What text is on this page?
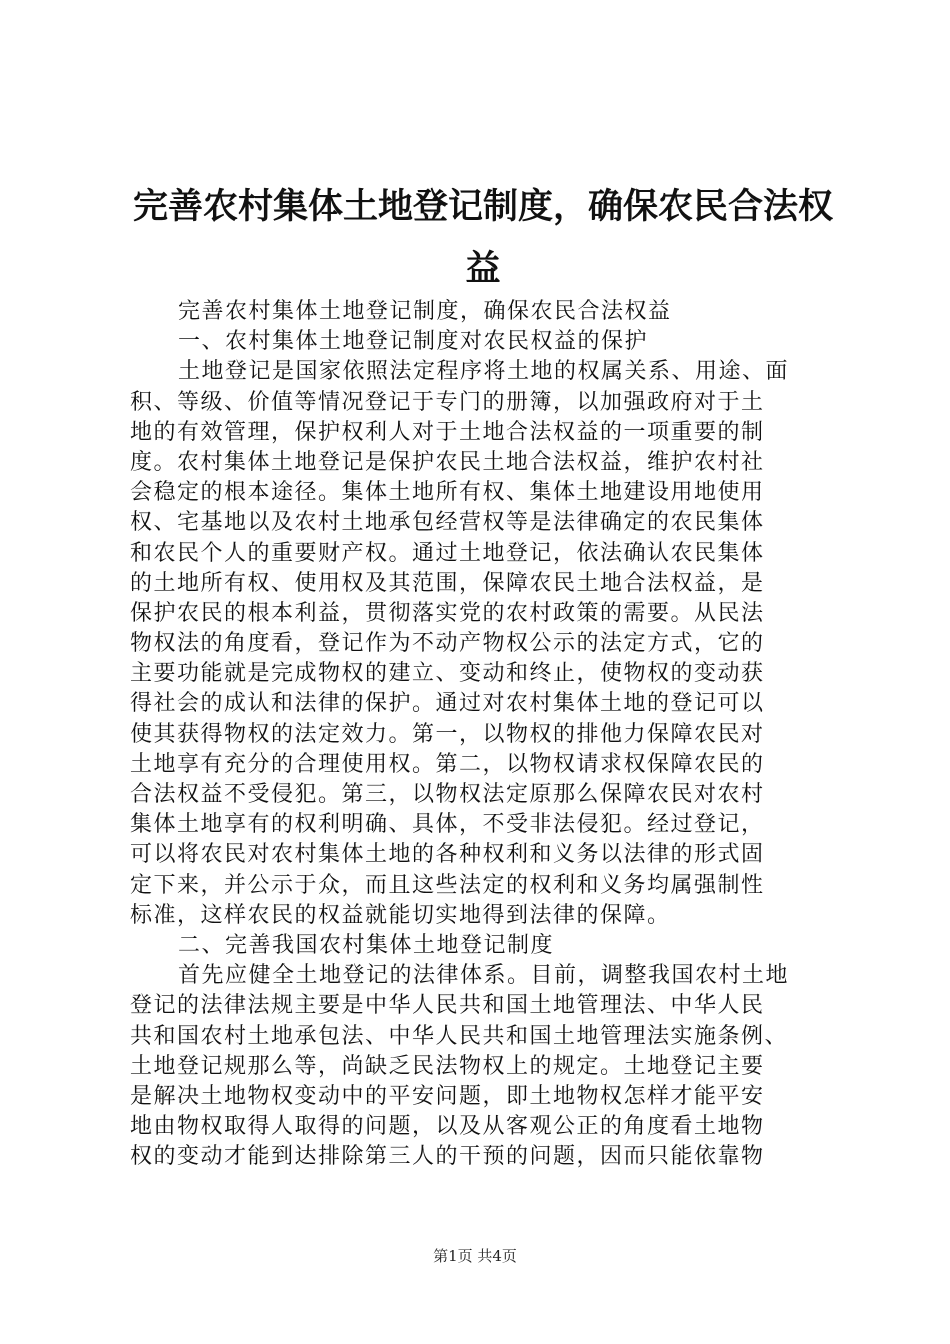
完善农村集体土地登记制度，确保农民合法权
益
完善农村集体土地登记制度，确保农民合法权益
一、农村集体土地登记制度对农民权益的保护
土地登记是国家依照法定程序将土地的权属关系、用途、面
积、等级、价值等情况登记于专门的册簿，以加强政府对于土
地的有效管理，保护权利人对于土地合法权益的一项重要的制
度。农村集体土地登记是保护农民土地合法权益，维护农村社
会稳定的根本途径。集体土地所有权、集体土地建设用地使用
权、宅基地以及农村土地承包经营权等是法律确定的农民集体
和农民个人的重要财产权。通过土地登记，依法确认农民集体
的土地所有权、使用权及其范围，保障农民土地合法权益，是
保护农民的根本利益，贯彻落实党的农村政策的需要。从民法
物权法的角度看，登记作为不动产物权公示的法定方式，它的
主要功能就是完成物权的建立、变动和终止，使物权的变动获
得社会的成认和法律的保护。通过对农村集体土地的登记可以
使其获得物权的法定效力。第一，以物权的排他力保障农民对
土地享有充分的合理使用权。第二，以物权请求权保障农民的
合法权益不受侵犯。第三，以物权法定原那么保障农民对农村
集体土地享有的权利明确、具体，不受非法侵犯。经过登记，
可以将农民对农村集体土地的各种权利和义务以法律的形式固
定下来，并公示于众，而且这些法定的权利和义务均属强制性
标准，这样农民的权益就能切实地得到法律的保障。
二、完善我国农村集体土地登记制度
首先应健全土地登记的法律体系。目前，调整我国农村土地
登记的法律法规主要是中华人民共和国土地管理法、中华人民
共和国农村土地承包法、中华人民共和国土地管理法实施条例、
土地登记规那么等，尚缺乏民法物权上的规定。土地登记主要
是解决土地物权变动中的平安问题，即土地物权怎样才能平安
地由物权取得人取得的问题，以及从客观公正的角度看土地物
权的变动才能到达排除第三人的干预的问题，因而只能依靠物
第1页 共4页
